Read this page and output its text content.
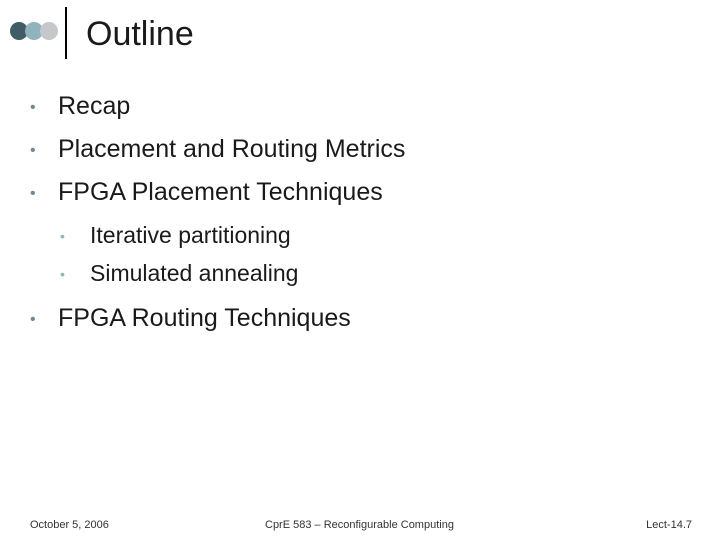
Outline
• Recap
• Placement and Routing Metrics
• FPGA Placement Techniques
• Iterative partitioning
• Simulated annealing
• FPGA Routing Techniques
October 5, 2006	CprE 583 – Reconfigurable Computing	Lect-14.7
